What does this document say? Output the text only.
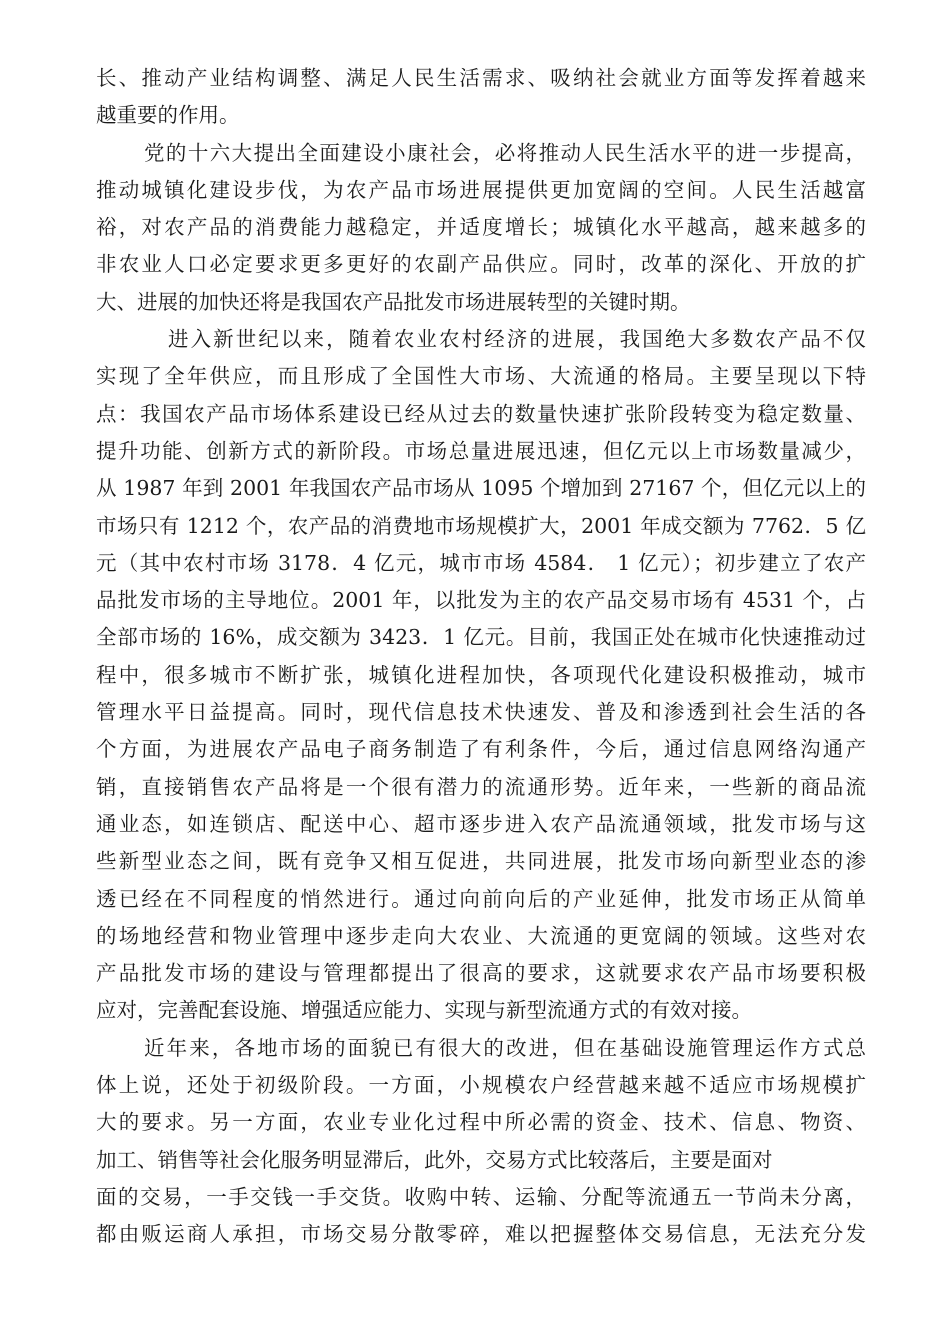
长、推动产业结构调整、满足人民生活需求、吸纳社会就业方面等发挥着越来
越重要的作用。
党的十六大提出全面建设小康社会，必将推动人民生活水平的进一步提高，
推动城镇化建设步伐，为农产品市场进展提供更加宽阔的空间。人民生活越富
裕，对农产品的消费能力越稳定，并适度增长；城镇化水平越高，越来越多的
非农业人口必定要求更多更好的农副产品供应。同时，改革的深化、开放的扩
大、进展的加快还将是我国农产品批发市场进展转型的关键时期。
进入新世纪以来，随着农业农村经济的进展，我国绝大多数农产品不仅
实现了全年供应，而且形成了全国性大市场、大流通的格局。主要呈现以下特
点：我国农产品市场体系建设已经从过去的数量快速扩张阶段转变为稳定数量、
提升功能、创新方式的新阶段。市场总量进展迅速，但亿元以上市场数量减少，
从 1987 年到 2001 年我国农产品市场从 1095 个增加到 27167 个，但亿元以上的
市场只有 1212 个，农产品的消费地市场规模扩大，2001 年成交额为 7762．5 亿
元（其中农村市场 3178．4 亿元，城市市场 4584． 1 亿元）；初步建立了农产
品批发市场的主导地位。2001 年，以批发为主的农产品交易市场有 4531 个，占
全部市场的 16%，成交额为 3423．1 亿元。目前，我国正处在城市化快速推动过
程中，很多城市不断扩张，城镇化进程加快，各项现代化建设积极推动，城市
管理水平日益提高。同时，现代信息技术快速发、普及和渗透到社会生活的各
个方面，为进展农产品电子商务制造了有利条件，今后，通过信息网络沟通产
销，直接销售农产品将是一个很有潜力的流通形势。近年来，一些新的商品流
通业态，如连锁店、配送中心、超市逐步进入农产品流通领域，批发市场与这
些新型业态之间，既有竞争又相互促进，共同进展，批发市场向新型业态的渗
透已经在不同程度的悄然进行。通过向前向后的产业延伸，批发市场正从简单
的场地经营和物业管理中逐步走向大农业、大流通的更宽阔的领域。这些对农
产品批发市场的建设与管理都提出了很高的要求，这就要求农产品市场要积极
应对，完善配套设施、增强适应能力、实现与新型流通方式的有效对接。
近年来，各地市场的面貌已有很大的改进，但在基础设施管理运作方式总
体上说，还处于初级阶段。一方面，小规模农户经营越来越不适应市场规模扩
大的要求。另一方面，农业专业化过程中所必需的资金、技术、信息、物资、
加工、销售等社会化服务明显滞后，此外，交易方式比较落后，主要是面对
面的交易，一手交钱一手交货。收购中转、运输、分配等流通五一节尚未分离，
都由贩运商人承担，市场交易分散零碎，难以把握整体交易信息，无法充分发
